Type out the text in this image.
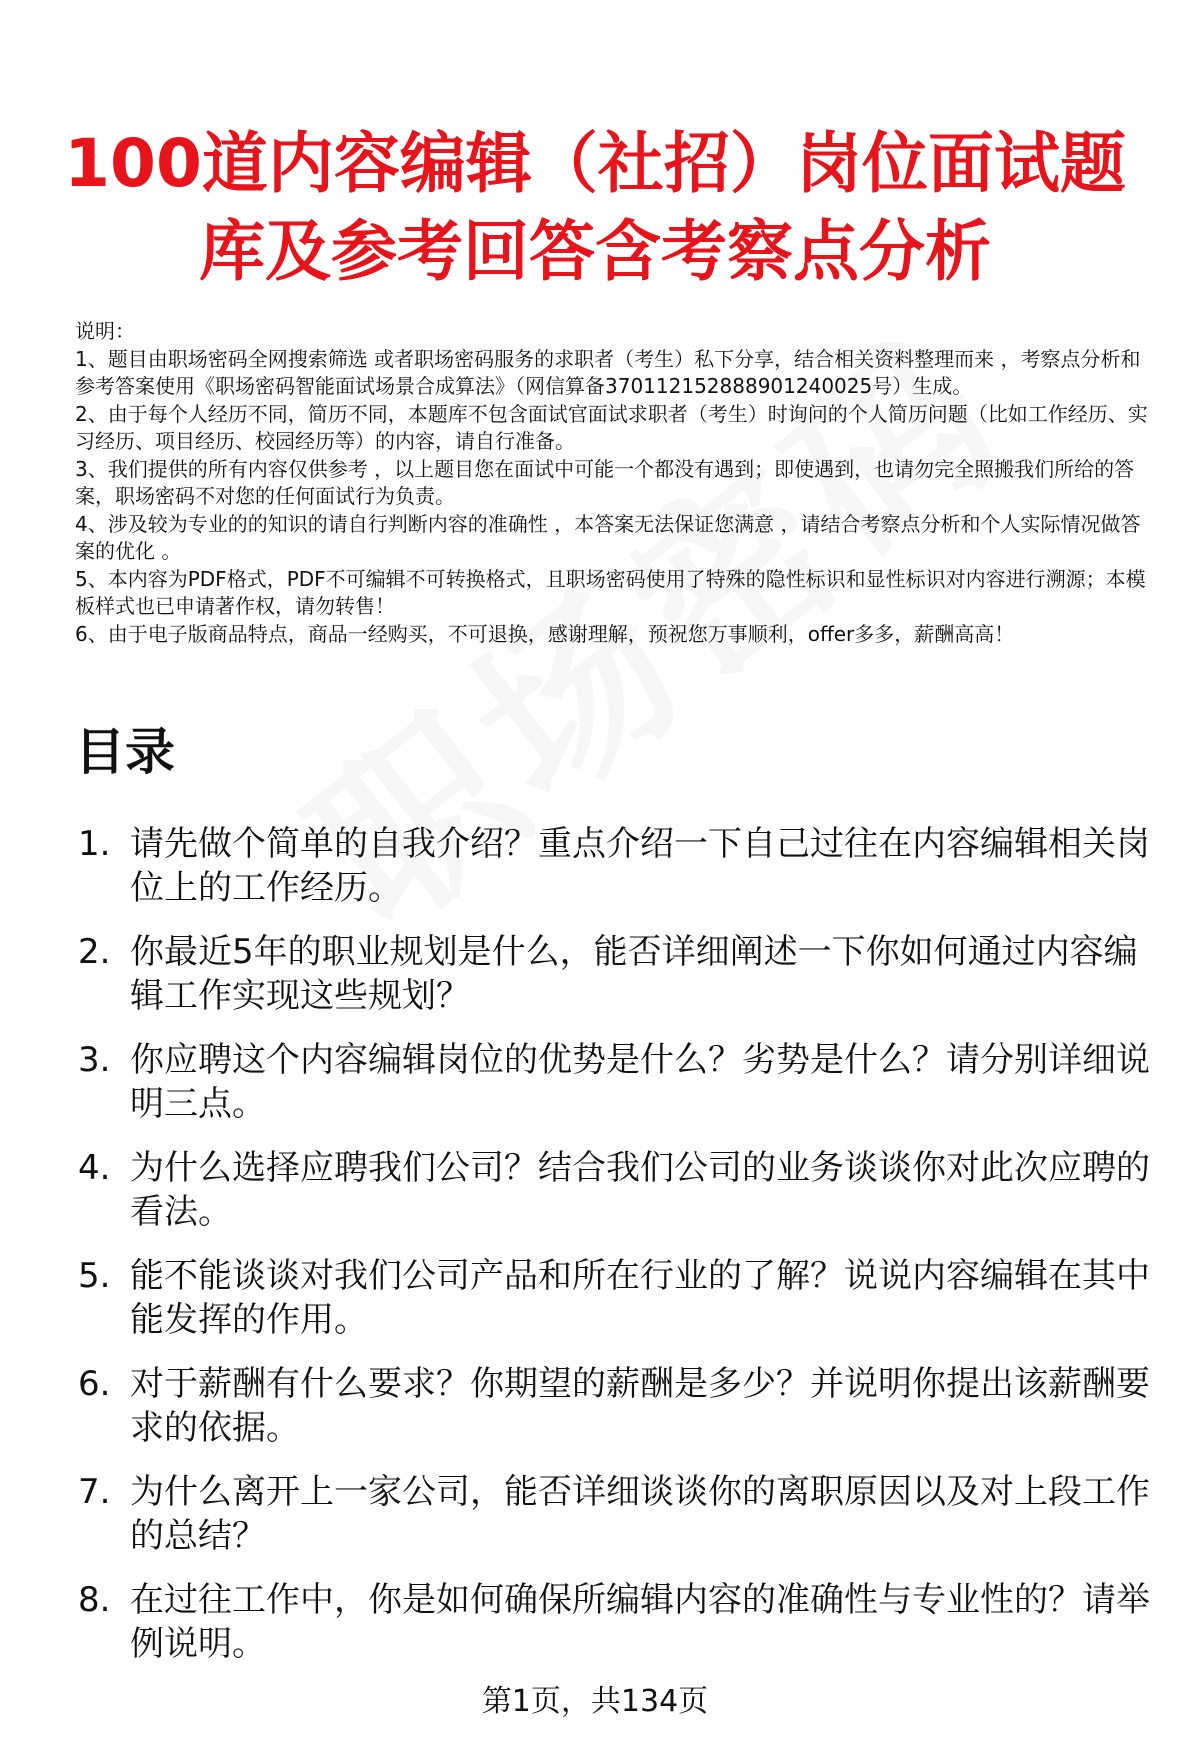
100道内容编辑（社招）岗位面试题库及参考回答含考察点分析

说明：

1、题目由职场密码全网搜索筛选 或者职场密码服务的求职者（考生）私下分享，结合相关资料整理而来 ，考察点分析和参考答案使用《职场密码智能面试场景合成算法》（网信算备370112152888901240025号）生成。

2、由于每个人经历不同，简历不同，本题库不包含面试官面试求职者（考生）时询问的个人简历问题（比如工作经历、实习经历、项目经历、校园经历等）的内容，请自行准备。

3、我们提供的所有内容仅供参考 ，以上题目您在面试中可能一个都没有遇到；即使遇到，也请勿完全照搬我们所给的答案，职场密码不对您的任何面试行为负责。

4、涉及较为专业的的知识的请自行判断内容的准确性 ，本答案无法保证您满意 ，请结合考察点分析和个人实际情况做答案的优化 。

5、本内容为PDF格式，PDF不可编辑不可转换格式，且职场密码使用了特殊的隐性标识和显性标识对内容进行溯源；本模板样式也已申请著作权，请勿转售！

6、由于电子版商品特点，商品一经购买，不可退换，感谢理解，预祝您万事顺利，offer多多，薪酬高高！

目录
1. 请先做个简单的自我介绍？重点介绍一下自己过往在内容编辑相关岗位上的工作经历。
2. 你最近5年的职业规划是什么，能否详细阐述一下你如何通过内容编辑工作实现这些规划？
3. 你应聘这个内容编辑岗位的优势是什么？劣势是什么？请分别详细说明三点。
4. 为什么选择应聘我们公司？结合我们公司的业务谈谈你对此次应聘的看法。
5. 能不能谈谈对我们公司产品和所在行业的了解？说说内容编辑在其中能发挥的作用。
6. 对于薪酬有什么要求？你期望的薪酬是多少？并说明你提出该薪酬要求的依据。
7. 为什么离开上一家公司，能否详细谈谈你的离职原因以及对上段工作的总结？
8. 在过往工作中，你是如何确保所编辑内容的准确性与专业性的？请举例说明。
第1页，共134页
